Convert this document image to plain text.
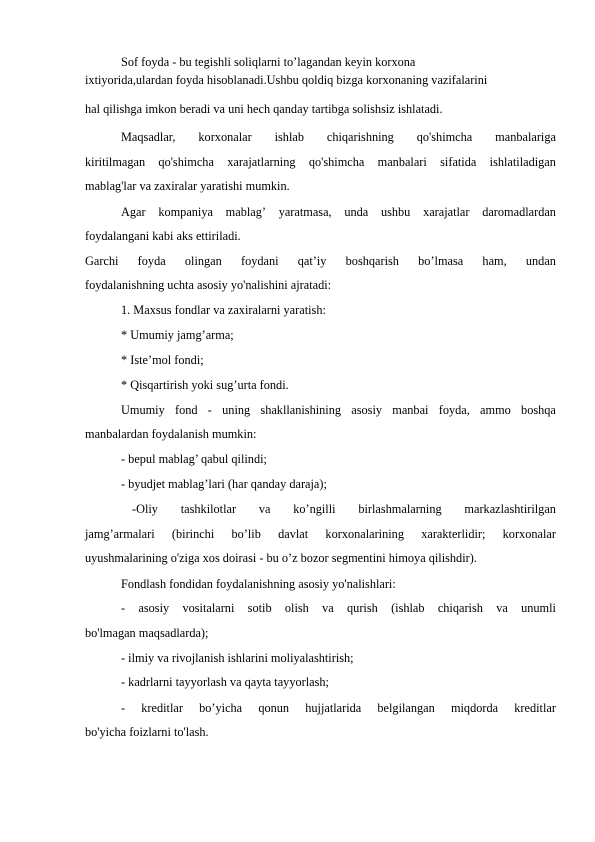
Sof foyda - bu tegishli soliqlarni to’lagandan keyin korxona
ixtiyorida,ulardan foyda hisoblanadi.Ushbu qoldiq bizga korxonaning vazifalarini
hal qilishga imkon beradi va uni hech qanday tartibga solishsiz ishlatadi.
Maqsadlar, korxonalar ishlab chiqarishning qo'shimcha manbalariga
kiritilmagan qo'shimcha xarajatlarning qo'shimcha manbalari sifatida ishlatiladigan
mablag'lar va zaxiralar yaratishi mumkin.
Agar kompaniya mablag’ yaratmasa, unda ushbu xarajatlar daromadlardan
foydalangani kabi aks ettiriladi.
Garchi foyda olingan foydani qat’iy boshqarish bo’lmasa ham, undan
foydalanishning uchta asosiy yo'nalishini ajratadi:
1. Maxsus fondlar va zaxiralarni yaratish:
* Umumiy jamg’arma;
* Iste’mol fondi;
* Qisqartirish yoki sug’urta fondi.
Umumiy fond - uning shakllanishining asosiy manbai foyda, ammo boshqa
manbalardan foydalanish mumkin:
- bepul mablag’ qabul qilindi;
- byudjet mablag’lari (har qanday daraja);
-Oliy tashkilotlar va ko’ngilli birlashmalarning markazlashtirilgan
jamg’armalari (birinchi bo’lib davlat korxonalarining xarakterlidir; korxonalar
uyushmalarining o'ziga xos doirasi - bu o’z bozor segmentini himoya qilishdir).
Fondlash fondidan foydalanishning asosiy yo'nalishlari:
- asosiy vositalarni sotib olish va qurish (ishlab chiqarish va unumli
bo'lmagan maqsadlarda);
- ilmiy va rivojlanish ishlarini moliyalashtirish;
- kadrlarni tayyorlash va qayta tayyorlash;
- kreditlar bo’yicha qonun hujjatlarida belgilangan miqdorda kreditlar
bo'yicha foizlarni to'lash.
